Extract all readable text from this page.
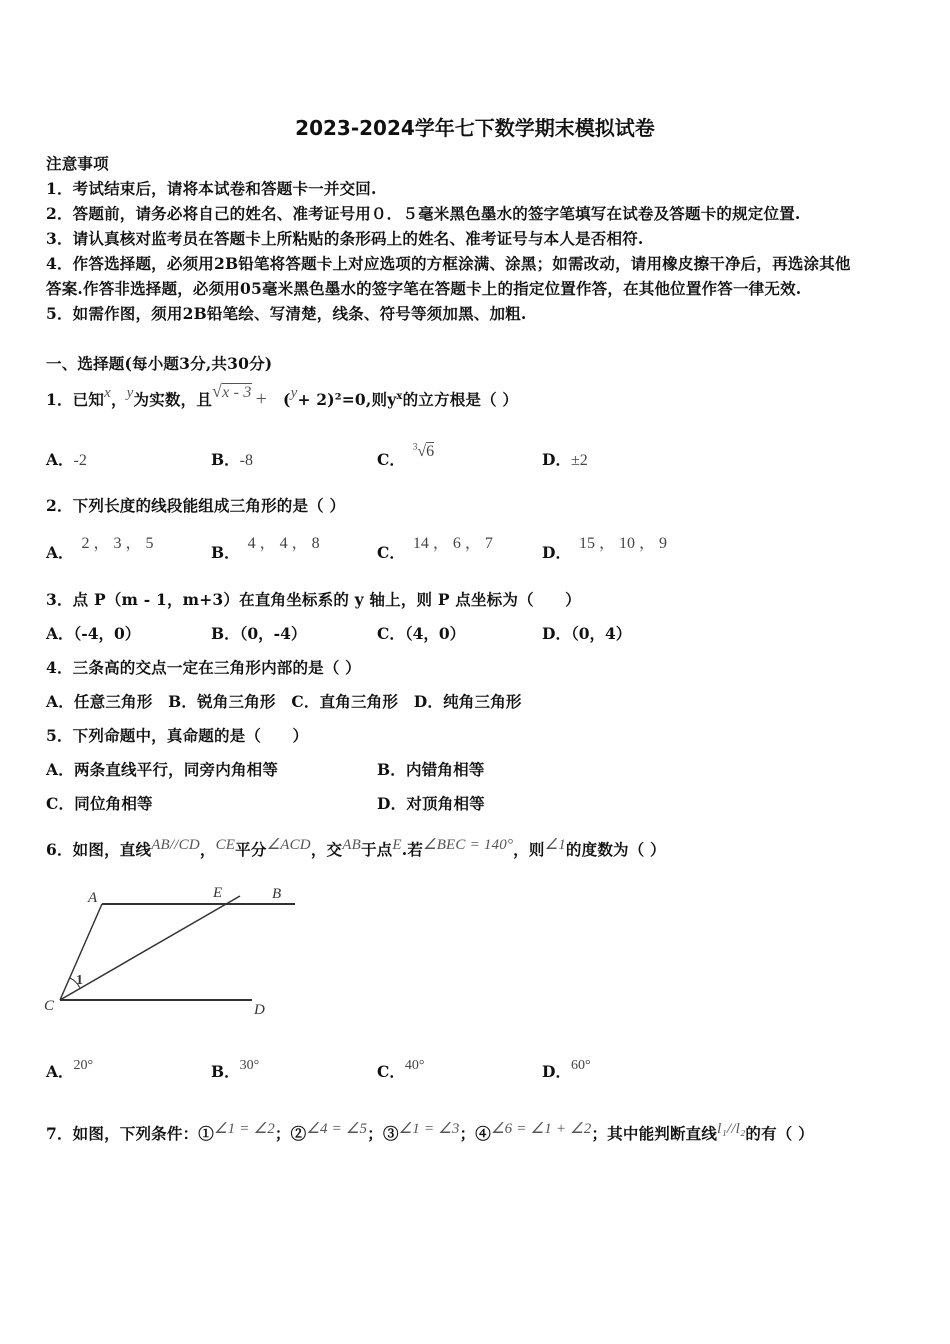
2023-2024学年七下数学期末模拟试卷
注意事项
1．考试结束后，请将本试卷和答题卡一并交回.
2．答题前，请务必将自己的姓名、准考证号用０．５毫米黑色墨水的签字笔填写在试卷及答题卡的规定位置.
3．请认真核对监考员在答题卡上所粘贴的条形码上的姓名、准考证号与本人是否相符.
4．作答选择题，必须用2B铅笔将答题卡上对应选项的方框涂满、涂黑；如需改动，请用橡皮擦干净后，再选涂其他
答案.作答非选择题，必须用05毫米黑色墨水的签字笔在答题卡上的指定位置作答，在其他位置作答一律无效.
5．如需作图，须用2B铅笔绘、写清楚，线条、符号等须加黑、加粗.
一、选择题(每小题3分,共30分)
1．已知x，y为实数，且√x - 3 + (y+ 2)²=0,则$y^x$的立方根是（ ）
A．-2	B．-8	C．$^3$√6	D．±2
2．下列长度的线段能组成三角形的是（ ）
A． 2 ， 3 ， 5	B． 4 ， 4 ， 8	C． 14 ， 6 ， 7	D． 15 ， 10 ， 9
3．点 P（m - 1，m+3）在直角坐标系的 y 轴上，则 P 点坐标为（　　）
A．（-4，0）	B．（0，-4）	C．（4，0）	D．（0，4）
4．三条高的交点一定在三角形内部的是（ ）
A．任意三角形　B．锐角三角形　C．直角三角形　D．纯角三角形
5．下列命题中，真命题的是（　　）
A．两条直线平行，同旁内角相等	B．内错角相等
C．同位角相等	D．对顶角相等
6．如图，直线AB//CD，CE平分∠ACD，交AB于点E.若∠BEC = 140°，则∠1的度数为（ ）
A	E	B
C	D
1
A．20°	B．30°	C．40°	D．60°
7．如图，下列条件：①∠1 = ∠2；②∠4 = ∠5；③∠1 = ∠3；④∠6 = ∠1 + ∠2；其中能判断直线l₁//l₂的有（ ）
